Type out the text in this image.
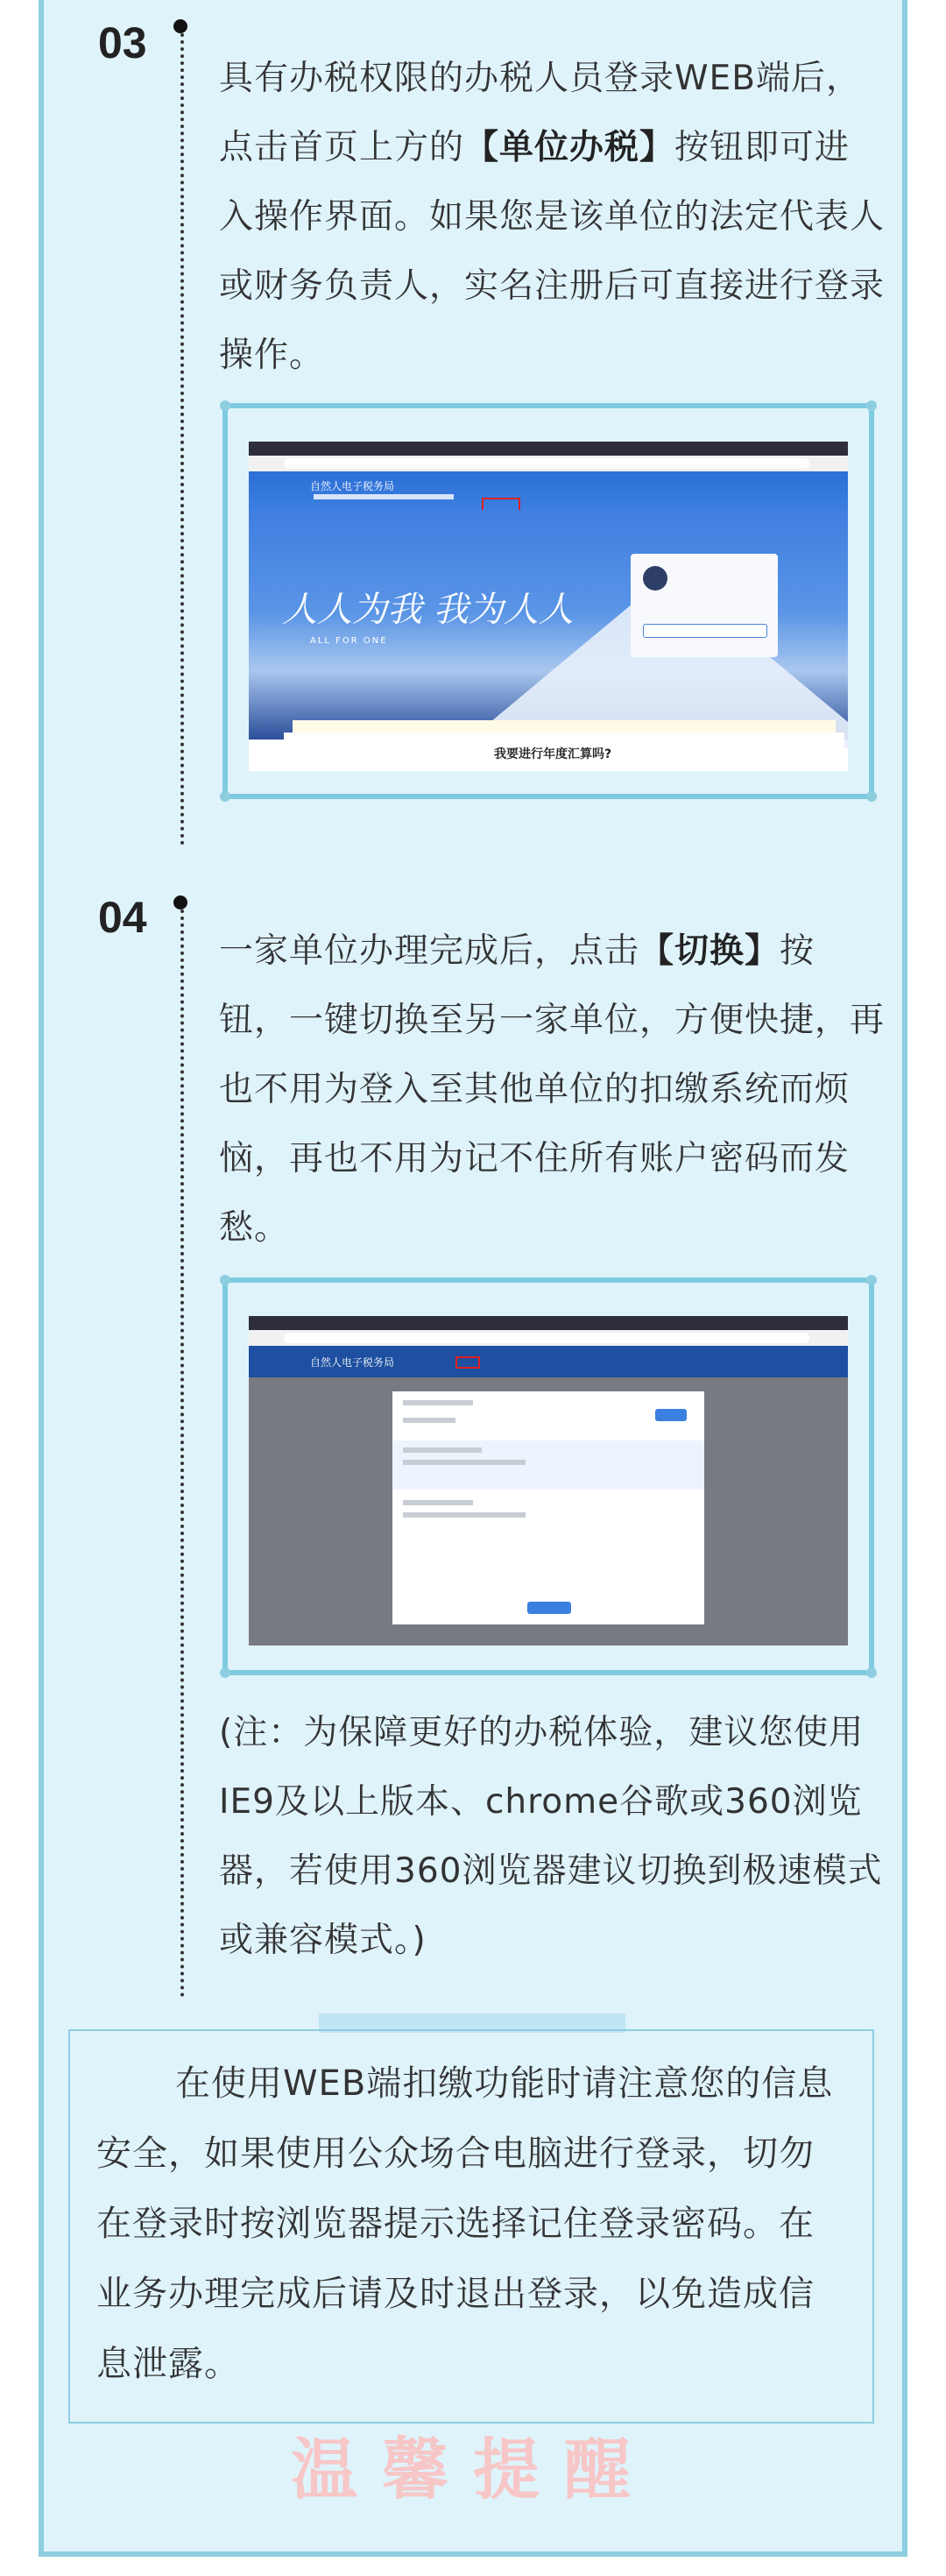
03

具有办税权限的办税人员登录WEB端后，点击首页上方的【单位办税】按钮即可进入操作界面。如果您是该单位的法定代表人或财务负责人，实名注册后可直接进行登录操作。

自然人电子税务局
人人为我 我为人人
ALL FOR ONE
我要进行年度汇算吗?
04

一家单位办理完成后，点击【切换】按钮，一键切换至另一家单位，方便快捷，再也不用为登入至其他单位的扣缴系统而烦恼，再也不用为记不住所有账户密码而发愁。

自然人电子税务局

(注：为保障更好的办税体验，建议您使用IE9及以上版本、chrome谷歌或360浏览器，若使用360浏览器建议切换到极速模式或兼容模式。)

在使用WEB端扣缴功能时请注意您的信息安全，如果使用公众场合电脑进行登录，切勿在登录时按浏览器提示选择记住登录密码。在业务办理完成后请及时退出登录，以免造成信息泄露。

温馨提醒
